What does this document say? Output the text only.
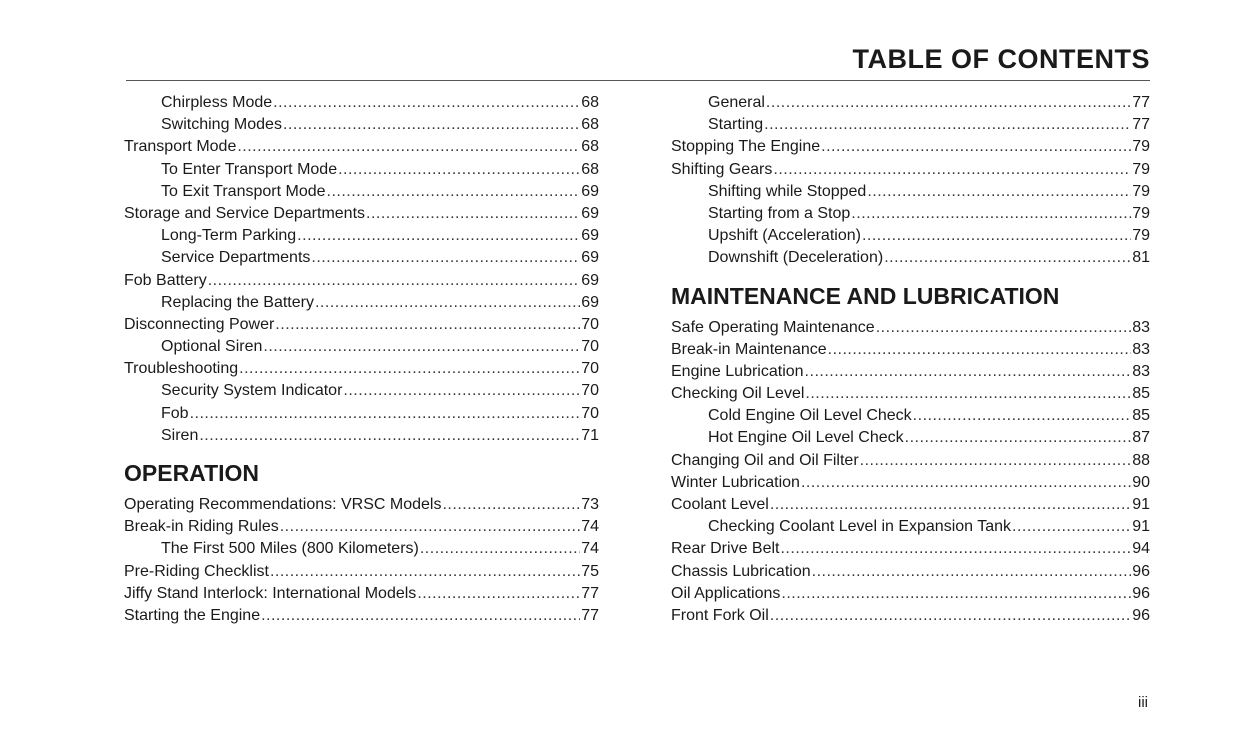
TABLE OF CONTENTS
Chirpless Mode .....	68
Switching Modes .....	68
Transport Mode .....	68
To Enter Transport Mode .....	68
To Exit Transport Mode .....	69
Storage and Service Departments .....	69
Long-Term Parking .....	69
Service Departments .....	69
Fob Battery .....	69
Replacing the Battery .....	69
Disconnecting Power .....	70
Optional Siren .....	70
Troubleshooting .....	70
Security System Indicator .....	70
Fob .....	70
Siren .....	71
OPERATION
Operating Recommendations: VRSC Models .....	73
Break-in Riding Rules .....	74
The First 500 Miles (800 Kilometers) .....	74
Pre-Riding Checklist .....	75
Jiffy Stand Interlock: International Models .....	77
Starting the Engine .....	77
General .....	77
Starting .....	77
Stopping The Engine .....	79
Shifting Gears .....	79
Shifting while Stopped .....	79
Starting from a Stop .....	79
Upshift (Acceleration) .....	79
Downshift (Deceleration) .....	81
MAINTENANCE AND LUBRICATION
Safe Operating Maintenance .....	83
Break-in Maintenance .....	83
Engine Lubrication .....	83
Checking Oil Level .....	85
Cold Engine Oil Level Check .....	85
Hot Engine Oil Level Check .....	87
Changing Oil and Oil Filter .....	88
Winter Lubrication .....	90
Coolant Level .....	91
Checking Coolant Level in Expansion Tank .....	91
Rear Drive Belt .....	94
Chassis Lubrication .....	96
Oil Applications .....	96
Front Fork Oil .....	96
iii
